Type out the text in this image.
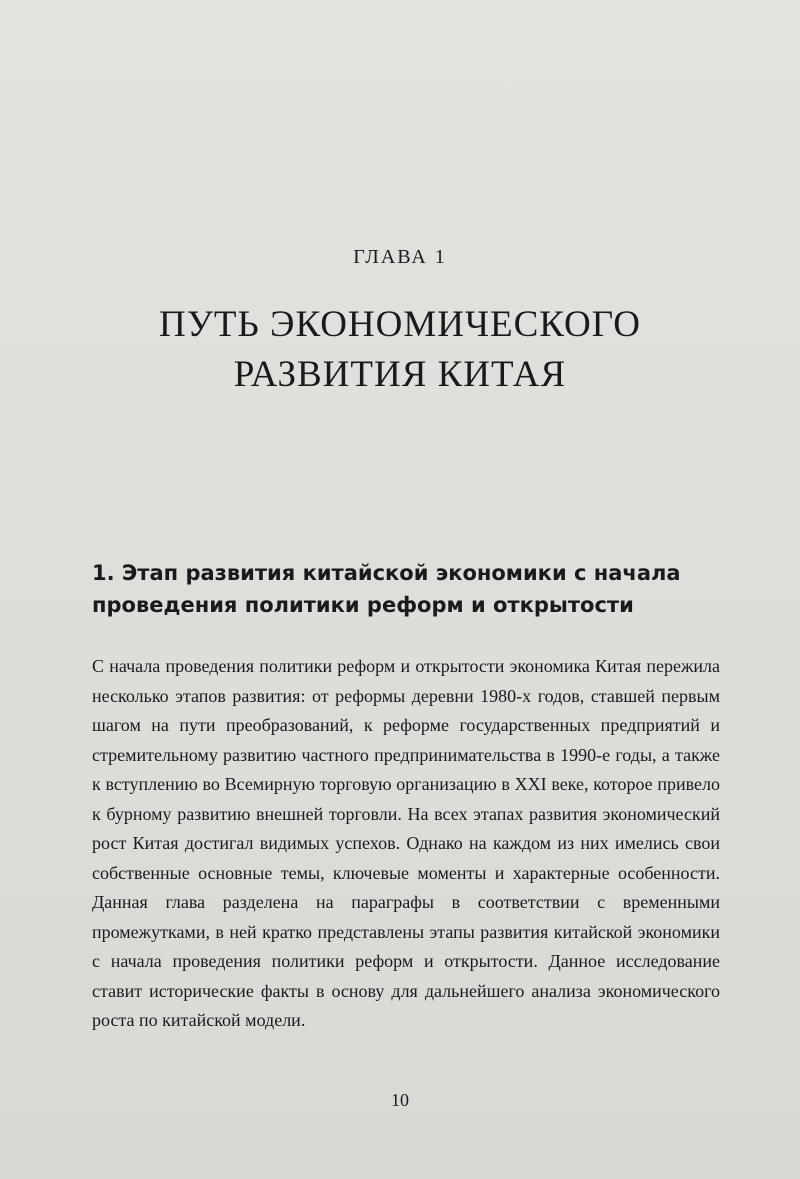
ГЛАВА 1
ПУТЬ ЭКОНОМИЧЕСКОГО
РАЗВИТИЯ КИТАЯ
1. Этап развития китайской экономики с начала
проведения политики реформ и открытости

С начала проведения политики реформ и открытости экономика Китая пережила несколько этапов развития: от реформы деревни 1980-х годов, ставшей первым шагом на пути преобразований, к реформе государственных предприятий и стремительному развитию частного предпринимательства в 1990-е годы, а также к вступлению во Всемирную торговую организацию в XXI веке, которое привело к бурному развитию внешней торговли. На всех этапах развития экономический рост Китая достигал видимых успехов. Однако на каждом из них имелись свои собственные основные темы, ключевые моменты и характерные особенности. Данная глава разделена на параграфы в соответствии с временными промежутками, в ней кратко представлены этапы развития китайской экономики с начала проведения политики реформ и открытости. Данное исследование ставит исторические факты в основу для дальнейшего анализа экономического роста по китайской модели.

10
